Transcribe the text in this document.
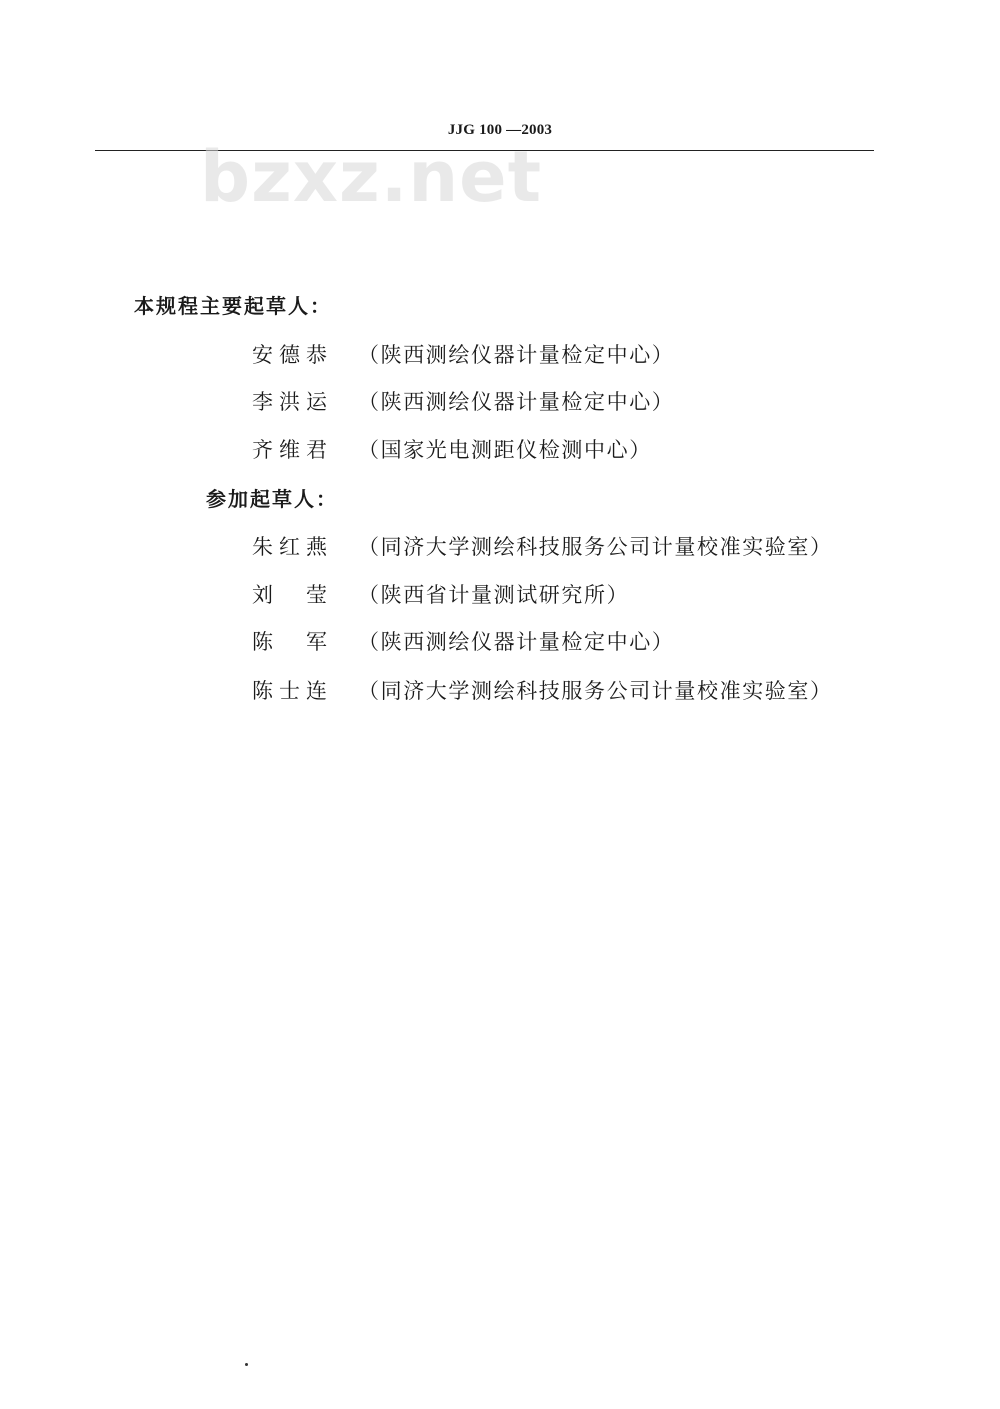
JJG 100 —2003
bzxz.net
本规程主要起草人：
安德恭 （陕西测绘仪器计量检定中心）
李洪运 （陕西测绘仪器计量检定中心）
齐维君 （国家光电测距仪检测中心）
参加起草人：
朱红燕 （同济大学测绘科技服务公司计量校准实验室）
刘　莹 （陕西省计量测试研究所）
陈　军 （陕西测绘仪器计量检定中心）
陈士连 （同济大学测绘科技服务公司计量校准实验室）
